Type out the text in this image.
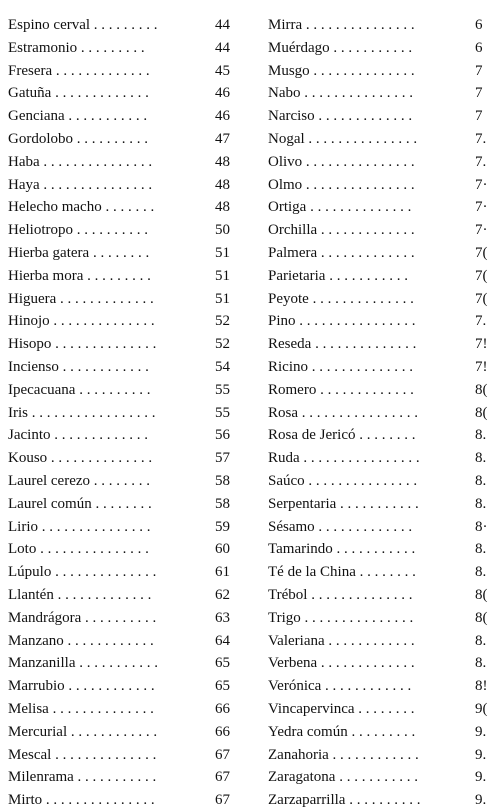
Espino cerval . . . . . . . . .	44
Estramonio . . . . . . . . .	44
Fresera . . . . . . . . . . . . .	45
Gatuña . . . . . . . . . . . . .	46
Genciana . . . . . . . . . . .	46
Gordolobo . . . . . . . . . .	47
Haba . . . . . . . . . . . . . . .	48
Haya . . . . . . . . . . . . . . .	48
Helecho macho . . . . . . .	48
Heliotropo . . . . . . . . . .	50
Hierba gatera . . . . . . . .	51
Hierba mora . . . . . . . . .	51
Higuera . . . . . . . . . . . . .	51
Hinojo . . . . . . . . . . . . . .	52
Hisopo . . . . . . . . . . . . . .	52
Incienso . . . . . . . . . . . .	54
Ipecacuana . . . . . . . . . .	55
Iris . . . . . . . . . . . . . . . . .	55
Jacinto . . . . . . . . . . . . .	56
Kouso . . . . . . . . . . . . . .	57
Laurel cerezo . . . . . . . .	58
Laurel común . . . . . . . .	58
Lirio . . . . . . . . . . . . . . .	59
Loto . . . . . . . . . . . . . . .	60
Lúpulo . . . . . . . . . . . . . .	61
Llantén . . . . . . . . . . . . .	62
Mandrágora . . . . . . . . . .	63
Manzano . . . . . . . . . . . .	64
Manzanilla . . . . . . . . . . .	65
Marrubio . . . . . . . . . . . .	65
Melisa . . . . . . . . . . . . . .	66
Mercurial . . . . . . . . . . . .	66
Mescal . . . . . . . . . . . . . .	67
Milenrama . . . . . . . . . . .	67
Mirto . . . . . . . . . . . . . . .	67
Mirra . . . . . . . . . . . . . . .	6
Muérdago . . . . . . . . . . .	6
Musgo . . . . . . . . . . . . . .	7
Nabo . . . . . . . . . . . . . . .	7
Narciso . . . . . . . . . . . . .	7
Nogal . . . . . . . . . . . . . . .	7.
Olivo . . . . . . . . . . . . . . .	7.
Olmo . . . . . . . . . . . . . . .	7·
Ortiga . . . . . . . . . . . . . .	7·
Orchilla . . . . . . . . . . . . .	7·
Palmera . . . . . . . . . . . . .	7(
Parietaria . . . . . . . . . . .	7(
Peyote . . . . . . . . . . . . . .	7(
Pino . . . . . . . . . . . . . . . .	7.
Reseda . . . . . . . . . . . . . .	7!
Ricino . . . . . . . . . . . . . .	7!
Romero . . . . . . . . . . . . .	8(
Rosa . . . . . . . . . . . . . . . .	8(
Rosa de Jericó . . . . . . . .	8.
Ruda . . . . . . . . . . . . . . . .	8.
Saúco . . . . . . . . . . . . . . .	8.
Serpentaria . . . . . . . . . . .	8.
Sésamo . . . . . . . . . . . . .	8·
Tamarindo . . . . . . . . . . .	8.
Té de la China . . . . . . . .	8.
Trébol . . . . . . . . . . . . . .	8(
Trigo . . . . . . . . . . . . . . .	8(
Valeriana . . . . . . . . . . . .	8.
Verbena . . . . . . . . . . . . .	8.
Verónica . . . . . . . . . . . .	8!
Vincapervinca . . . . . . . .	9(
Yedra común . . . . . . . . .	9.
Zanahoria . . . . . . . . . . . .	9.
Zaragatona . . . . . . . . . . .	9.
Zarzaparrilla . . . . . . . . . .	9.
